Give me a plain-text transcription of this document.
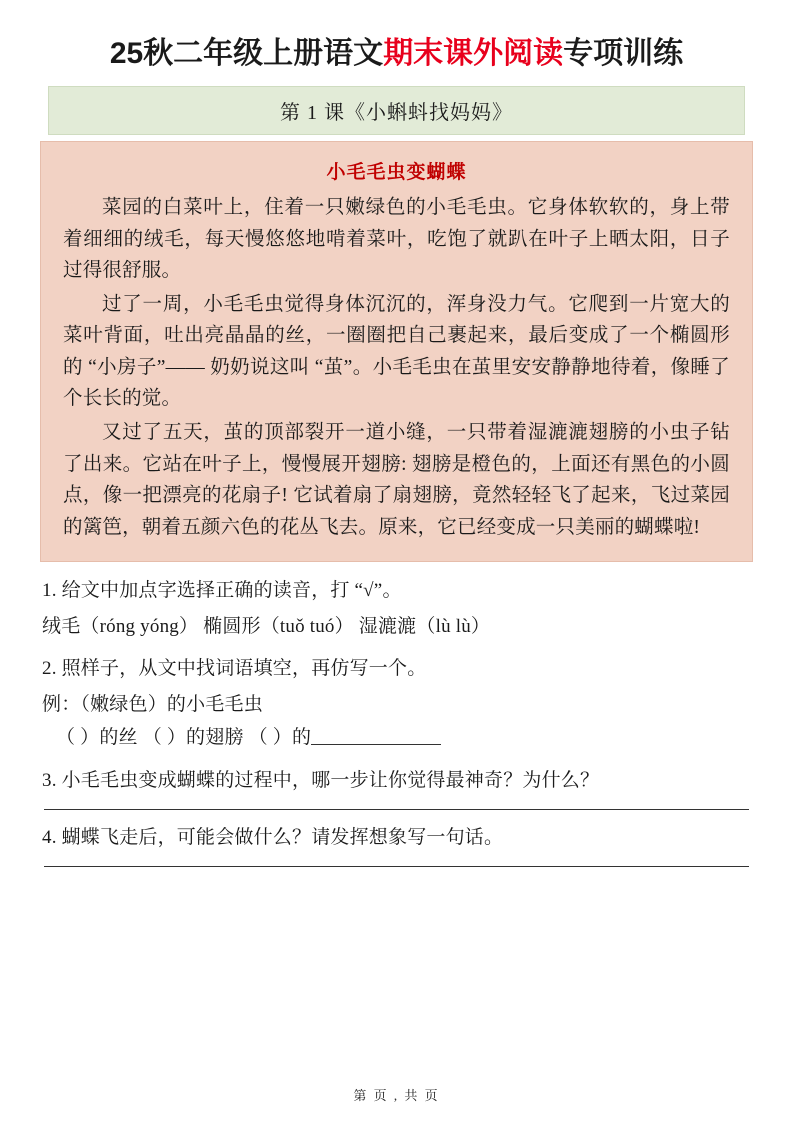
25秋二年级上册语文期末课外阅读专项训练
第 1 课《小蝌蚪找妈妈》
小毛毛虫变蝴蝶

菜园的白菜叶上，住着一只嫩绿色的小毛毛虫。它身体软软的，身上带着细细的绒毛，每天慢悠悠地啃着菜叶，吃饱了就趴在叶子上晒太阳，日子过得很舒服。

过了一周，小毛毛虫觉得身体沉沉的，浑身没力气。它爬到一片宽大的菜叶背面，吐出亮晶晶的丝，一圈圈把自己裹起来，最后变成了一个椭圆形的 “小房子”—— 奶奶说这叫 “茧”。小毛毛虫在茧里安安静静地待着，像睡了个长长的觉。

又过了五天，茧的顶部裂开一道小缝，一只带着湿漉漉翅膀的小虫子钻了出来。它站在叶子上，慢慢展开翅膀: 翅膀是橙色的，上面还有黑色的小圆点，像一把漂亮的花扇子! 它试着扇了扇翅膀，竟然轻轻飞了起来，飞过菜园的篱笆，朝着五颜六色的花丛飞去。原来，它已经变成一只美丽的蝴蝶啦!

1. 给文中加点字选择正确的读音，打 “√”。
绒毛（róng yóng） 椭圆形（tuǒ tuó） 湿漉漉（lù lù）
2. 照样子，从文中找词语填空，再仿写一个。
例：（嫩绿色）的小毛毛虫
（ ）的丝 （ ）的翅膀 （ ）的
3. 小毛毛虫变成蝴蝶的过程中，哪一步让你觉得最神奇？为什么？
4. 蝴蝶飞走后，可能会做什么？请发挥想象写一句话。
第 页 , 共 页
